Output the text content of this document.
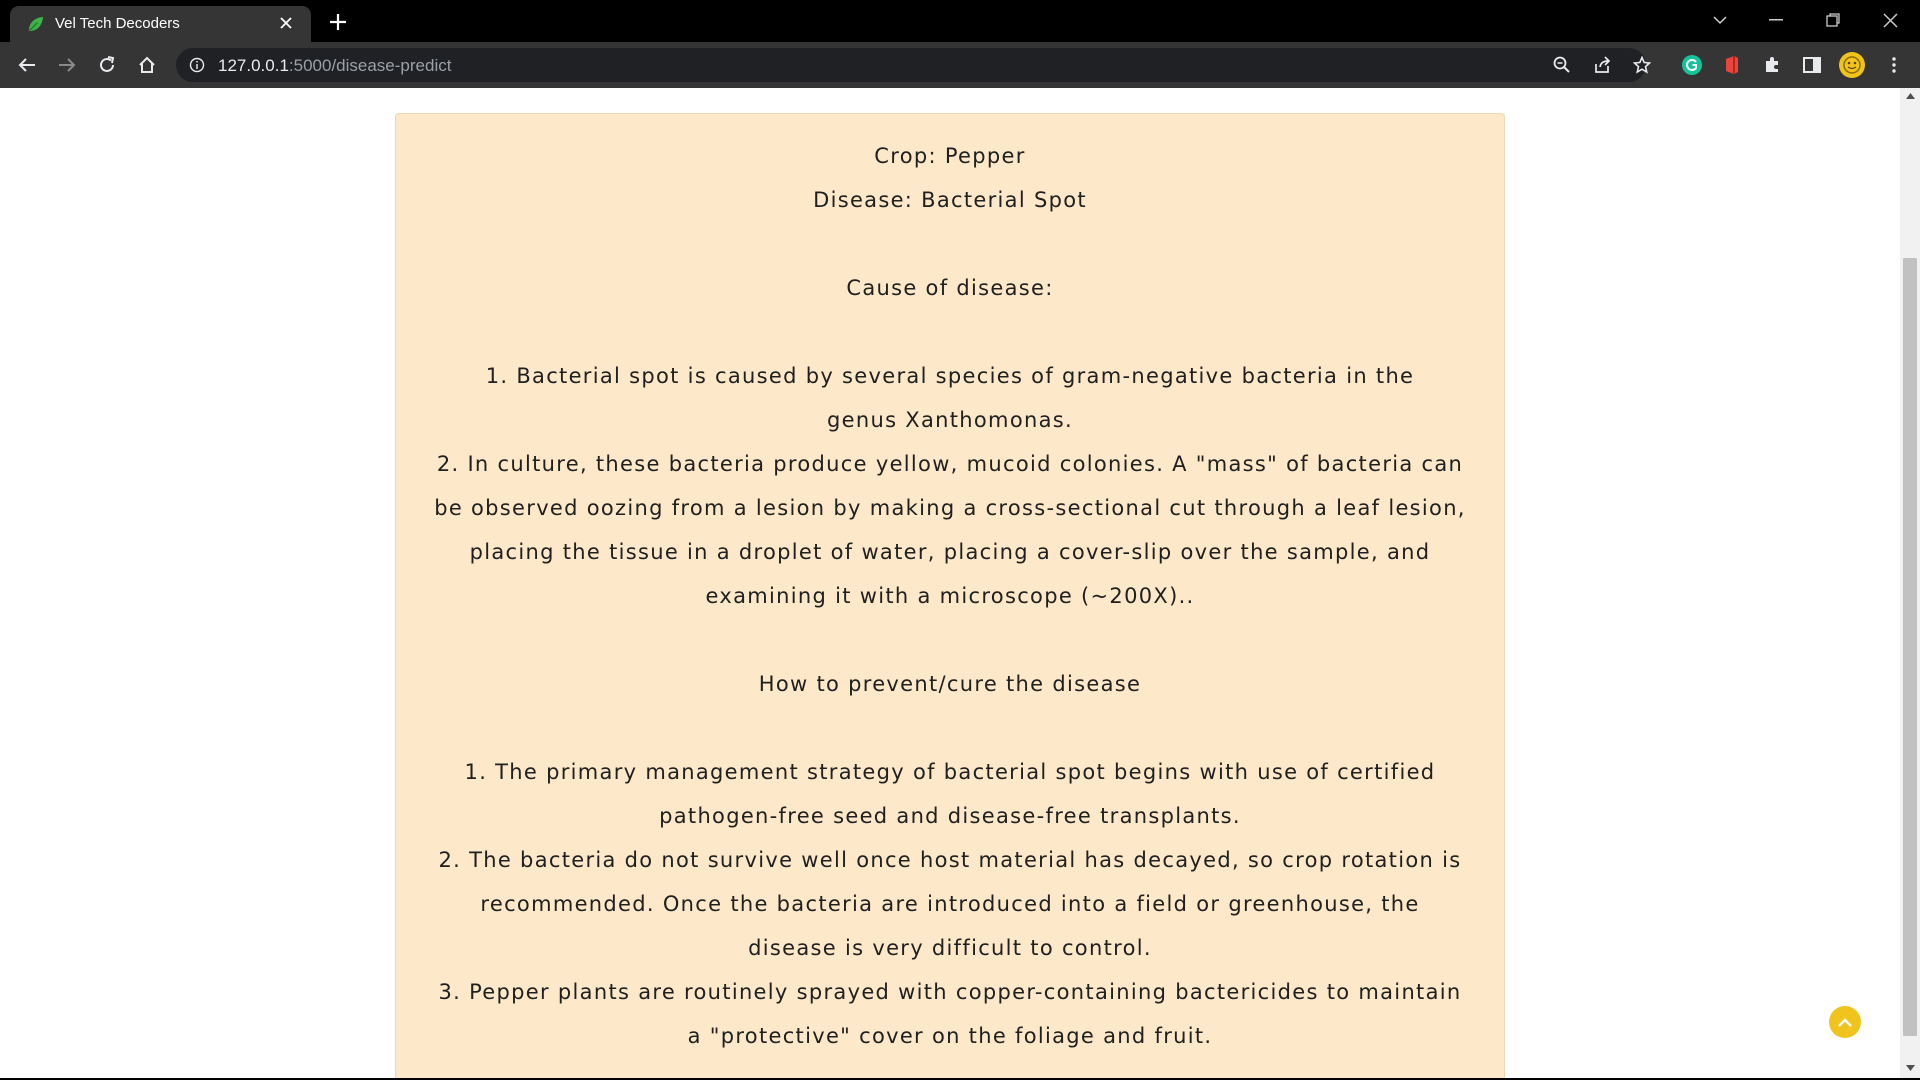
Vel Tech Decoders
127.0.0.1:5000/disease-predict

Crop: Pepper

Disease: Bacterial Spot

Cause of disease:

1. Bacterial spot is caused by several species of gram-negative bacteria in the genus Xanthomonas.

2. In culture, these bacteria produce yellow, mucoid colonies. A "mass" of bacteria can be observed oozing from a lesion by making a cross-sectional cut through a leaf lesion, placing the tissue in a droplet of water, placing a cover-slip over the sample, and examining it with a microscope (~200X)..

How to prevent/cure the disease

1. The primary management strategy of bacterial spot begins with use of certified pathogen-free seed and disease-free transplants.

2. The bacteria do not survive well once host material has decayed, so crop rotation is recommended. Once the bacteria are introduced into a field or greenhouse, the disease is very difficult to control.

3. Pepper plants are routinely sprayed with copper-containing bactericides to maintain a "protective" cover on the foliage and fruit.
